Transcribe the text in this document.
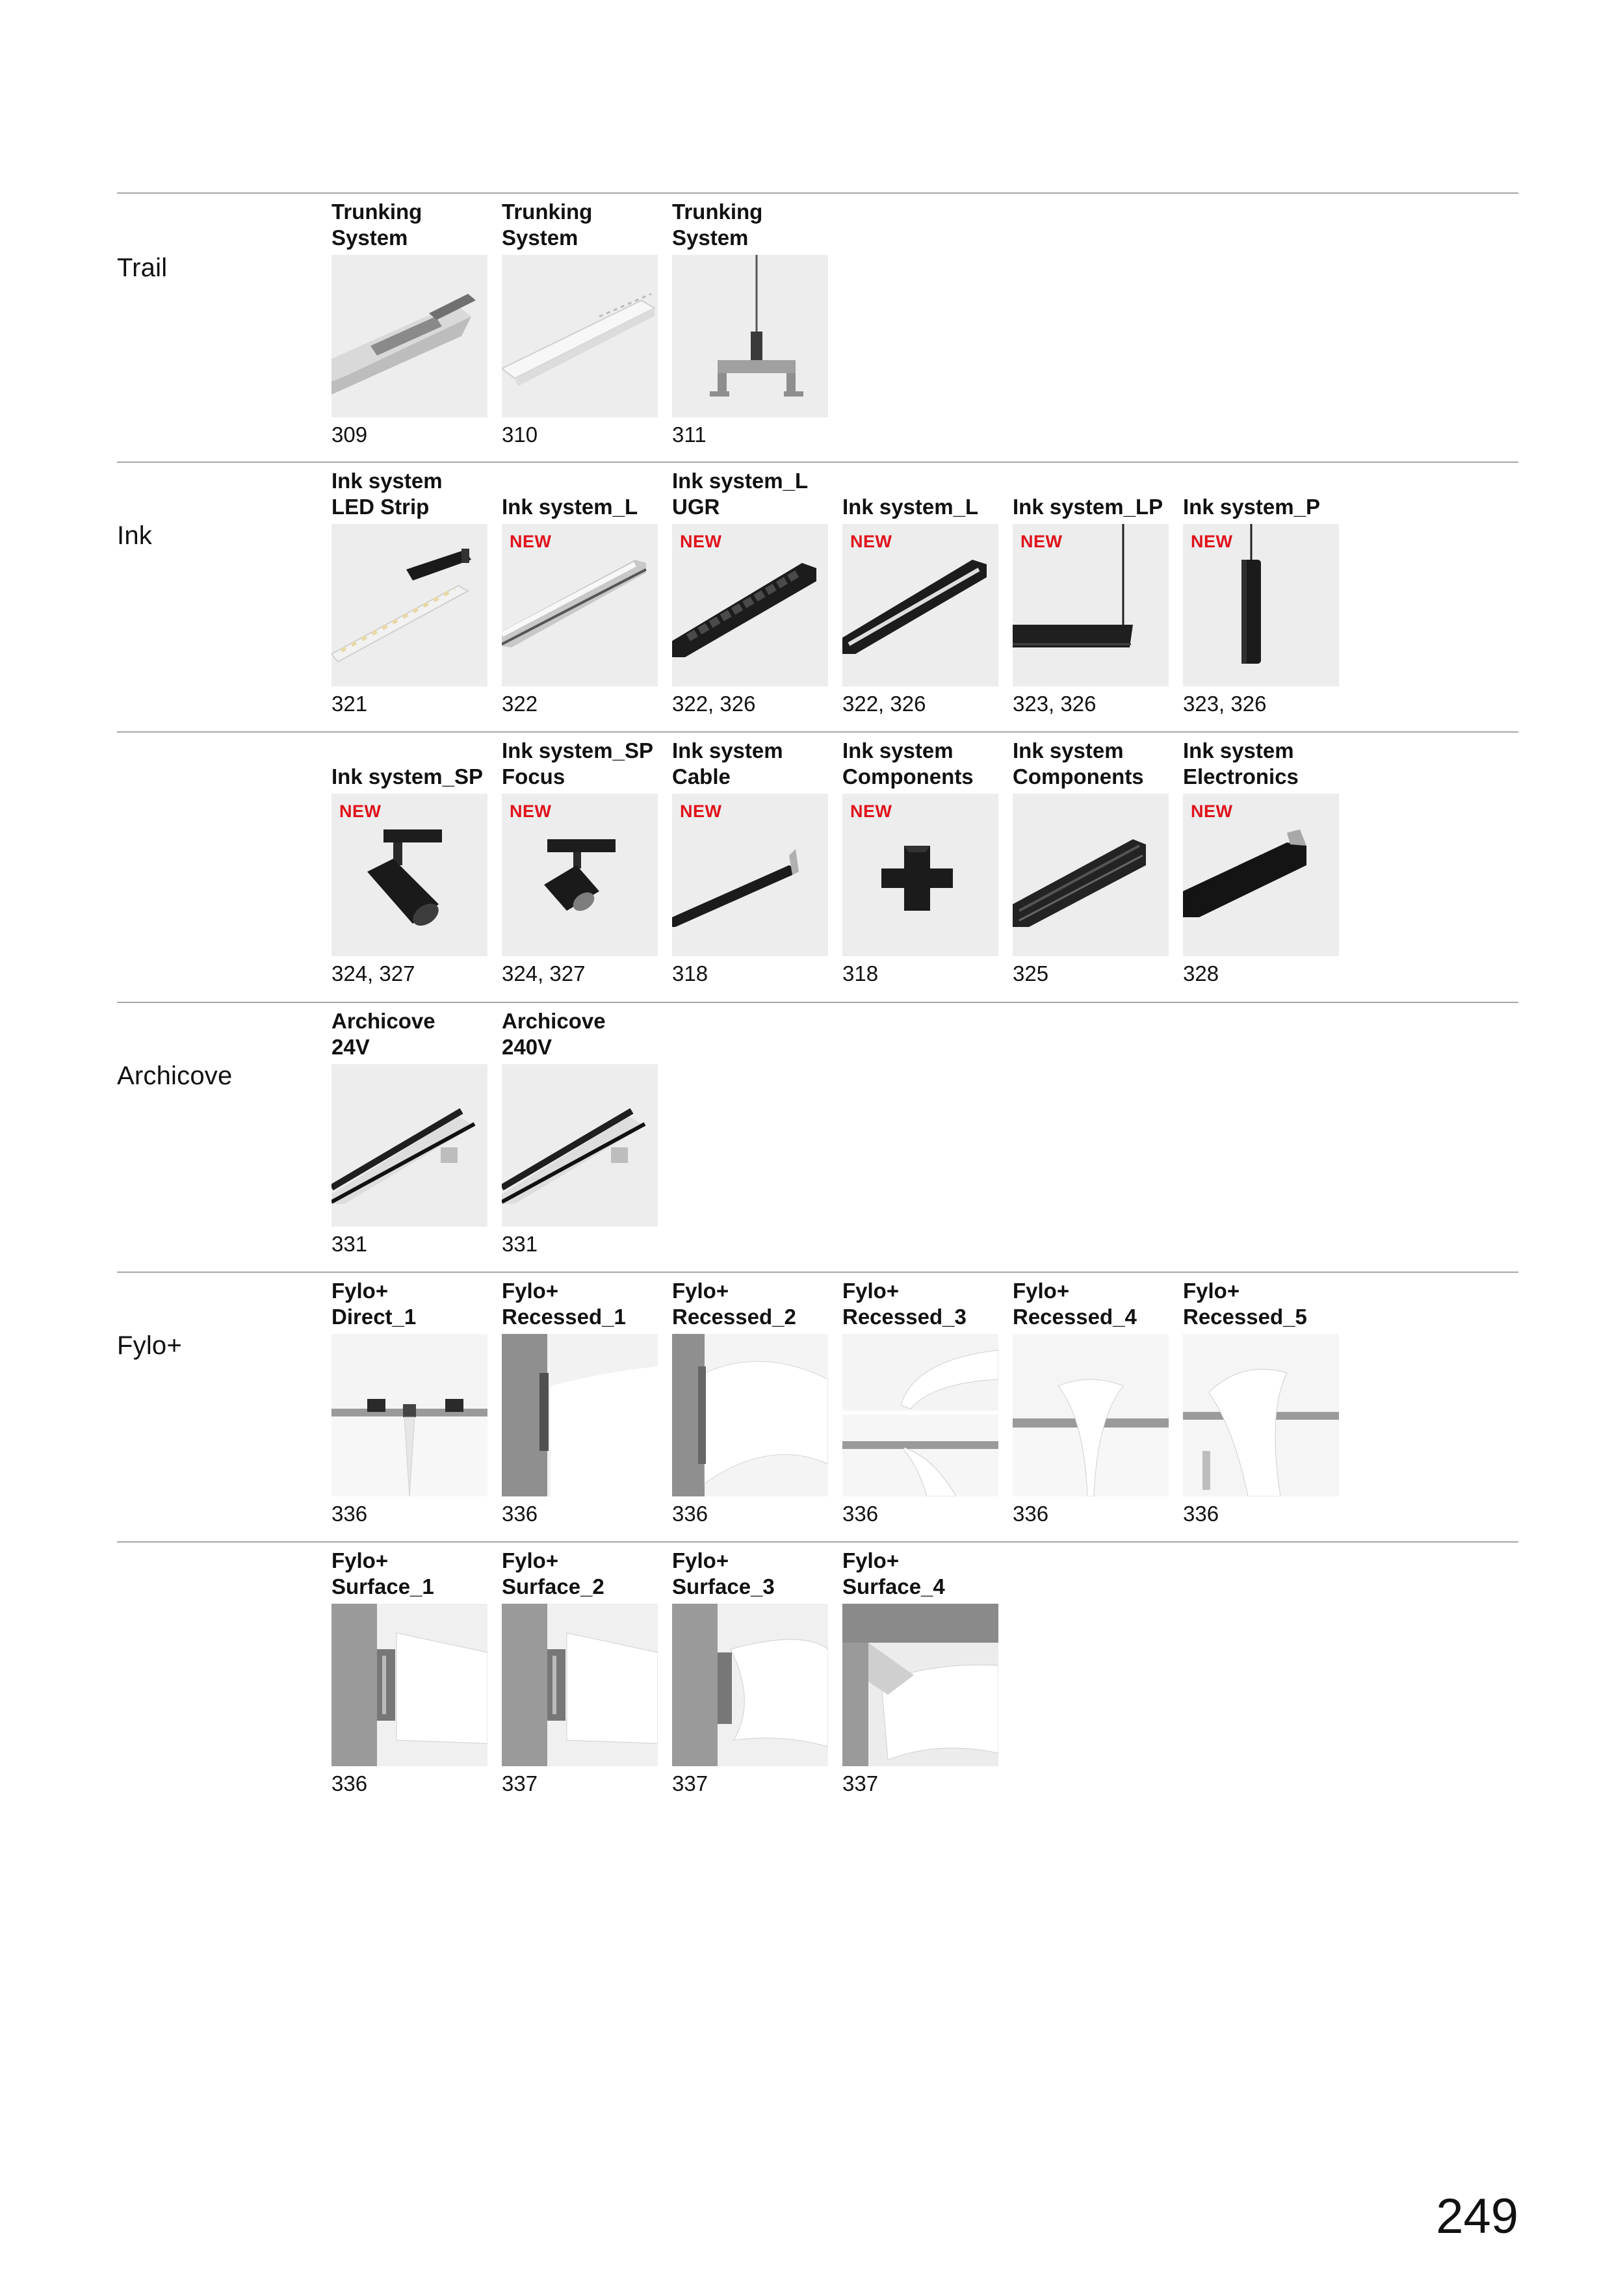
Trail
Trunking
System
309
Trunking
System
310
Trunking
System
311
Ink
Ink system
LED Strip
321
Ink system_L
NEW
322
Ink system_L
UGR
NEW
322, 326
Ink system_L
NEW
322, 326
Ink system_LP
NEW
323, 326
Ink system_P
NEW
323, 326
Ink system_SP
NEW
324, 327
Ink system_SP
Focus
NEW
324, 327
Ink system
Cable
NEW
318
Ink system
Components
NEW
318
Ink system
Components
325
Ink system
Electronics
NEW
328
Archicove
Archicove
24V
331
Archicove
240V
331
Fylo+
Fylo+
Direct_1
336
Fylo+
Recessed_1
336
Fylo+
Recessed_2
336
Fylo+
Recessed_3
336
Fylo+
Recessed_4
336
Fylo+
Recessed_5
336
Fylo+
Surface_1
336
Fylo+
Surface_2
337
Fylo+
Surface_3
337
Fylo+
Surface_4
337
249
